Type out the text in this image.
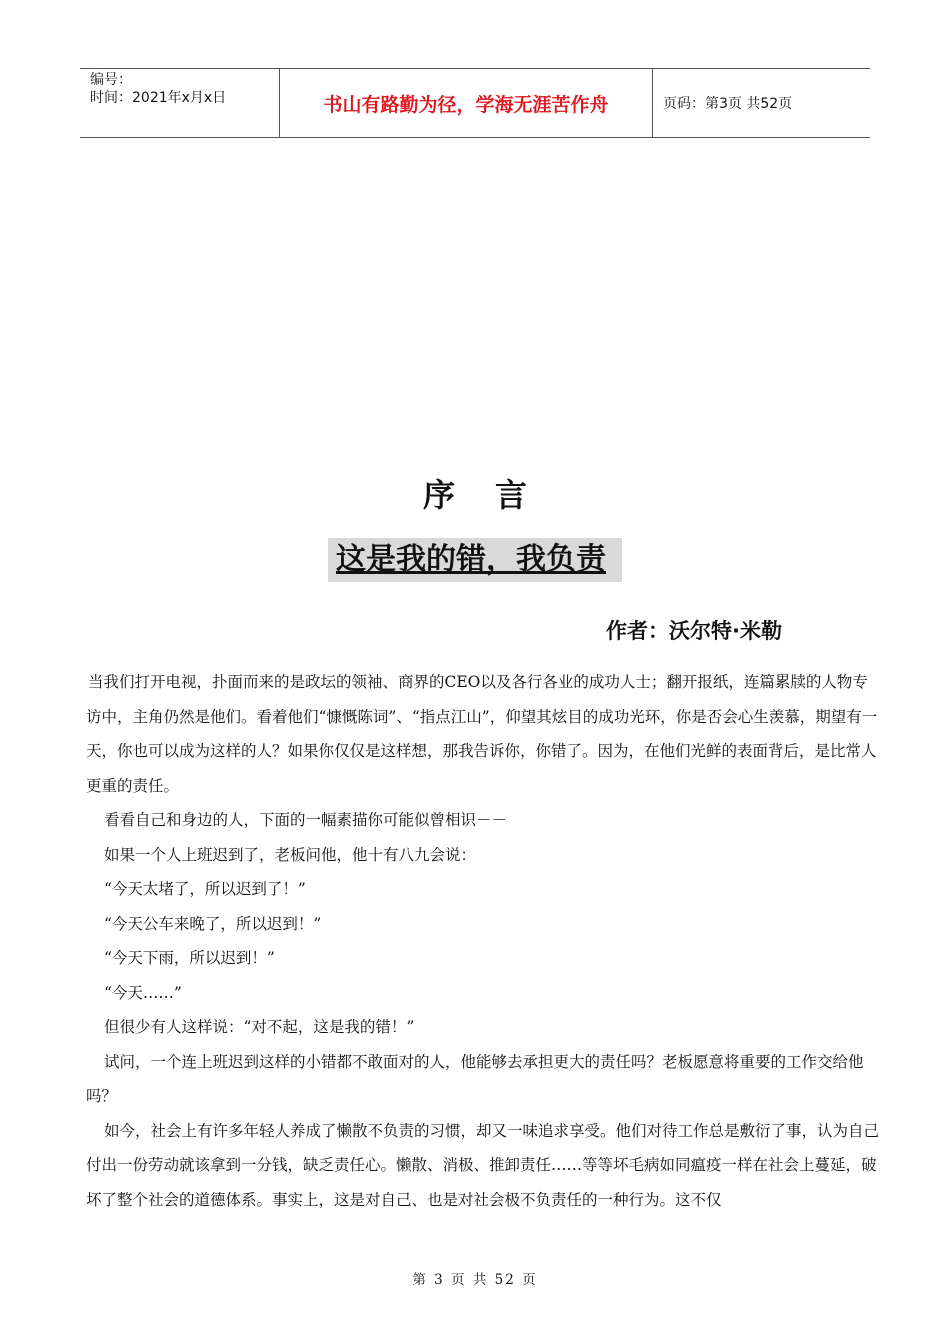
编号：
时间：2021年x月x日	书山有路勤为径，学海无涯苦作舟	页码：第3页 共52页
序言
这是我的错，我负责
作者：沃尔特·米勒

当我们打开电视，扑面而来的是政坛的领袖、商界的CEO以及各行各业的成功人士；翻开报纸，连篇累牍的人物专访中，主角仍然是他们。看着他们“慷慨陈词”、“指点江山”，仰望其炫目的成功光环，你是否会心生羡慕，期望有一天，你也可以成为这样的人？如果你仅仅是这样想，那我告诉你，你错了。因为，在他们光鲜的表面背后，是比常人更重的责任。

看看自己和身边的人，下面的一幅素描你可能似曾相识－－

如果一个人上班迟到了，老板问他，他十有八九会说：

“今天太堵了，所以迟到了！”

“今天公车来晚了，所以迟到！”

“今天下雨，所以迟到！”

“今天……”

但很少有人这样说：“对不起，这是我的错！”

试问，一个连上班迟到这样的小错都不敢面对的人，他能够去承担更大的责任吗？老板愿意将重要的工作交给他吗？

如今，社会上有许多年轻人养成了懒散不负责的习惯，却又一味追求享受。他们对待工作总是敷衍了事，认为自己付出一份劳动就该拿到一分钱，缺乏责任心。懒散、消极、推卸责任……等等坏毛病如同瘟疫一样在社会上蔓延，破坏了整个社会的道德体系。事实上，这是对自己、也是对社会极不负责任的一种行为。这不仅

第 3 页 共 52 页
